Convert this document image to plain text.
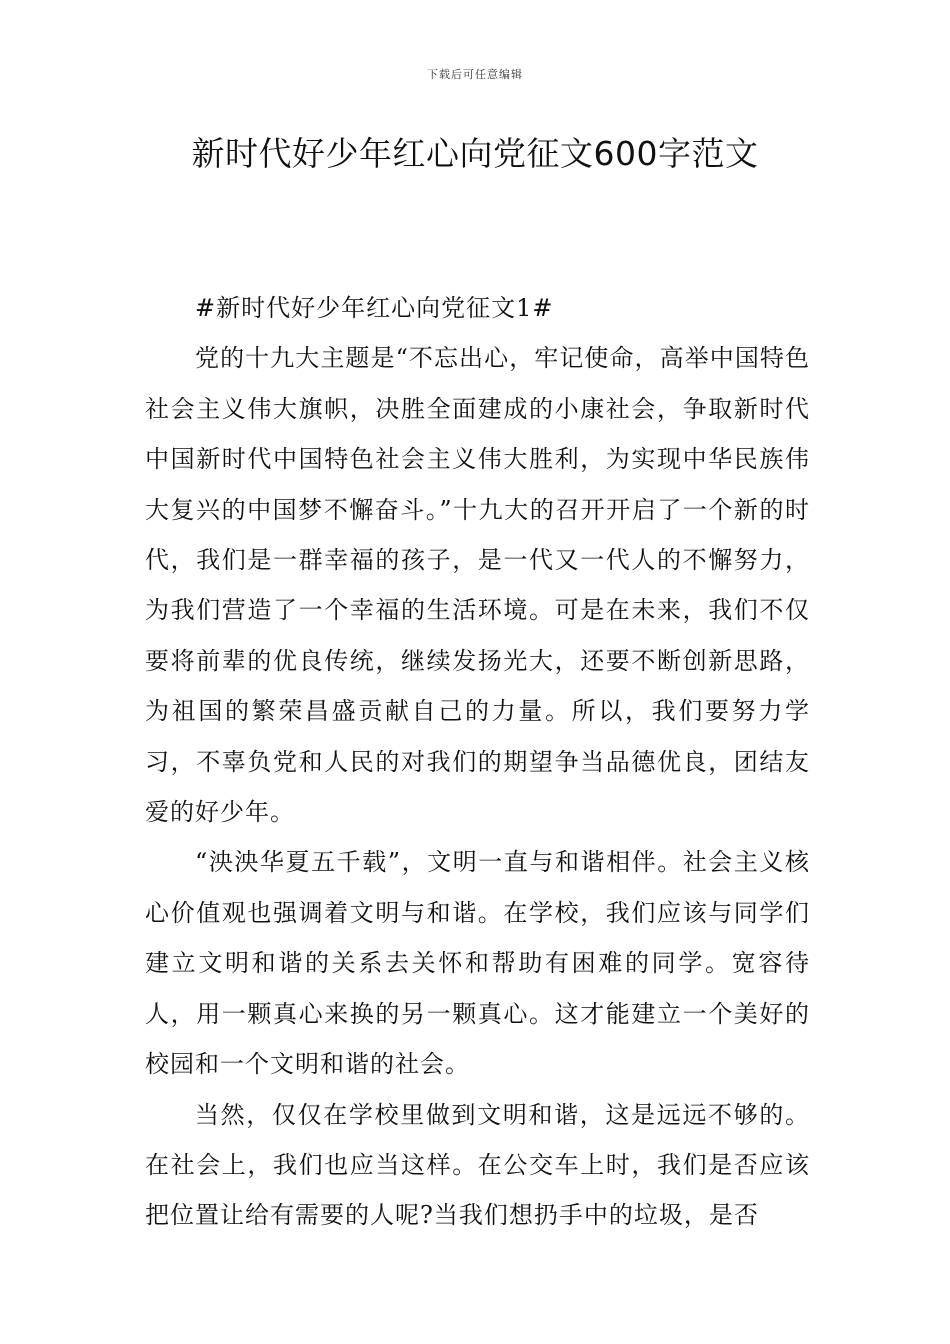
下载后可任意编辑
新时代好少年红心向党征文600字范文

#新时代好少年红心向党征文1#

党的十九大主题是“不忘出心，牢记使命，高举中国特色社会主义伟大旗帜，决胜全面建成的小康社会，争取新时代中国新时代中国特色社会主义伟大胜利，为实现中华民族伟大复兴的中国梦不懈奋斗。”十九大的召开开启了一个新的时代，我们是一群幸福的孩子，是一代又一代人的不懈努力，为我们营造了一个幸福的生活环境。可是在未来，我们不仅要将前辈的优良传统，继续发扬光大，还要不断创新思路，为祖国的繁荣昌盛贡献自己的力量。所以，我们要努力学习，不辜负党和人民的对我们的期望争当品德优良，团结友爱的好少年。

“泱泱华夏五千载”，文明一直与和谐相伴。社会主义核心价值观也强调着文明与和谐。在学校，我们应该与同学们建立文明和谐的关系去关怀和帮助有困难的同学。宽容待人，用一颗真心来换的另一颗真心。这才能建立一个美好的校园和一个文明和谐的社会。

当然，仅仅在学校里做到文明和谐，这是远远不够的。在社会上，我们也应当这样。在公交车上时，我们是否应该把位置让给有需要的人呢?当我们想扔手中的垃圾，是否
